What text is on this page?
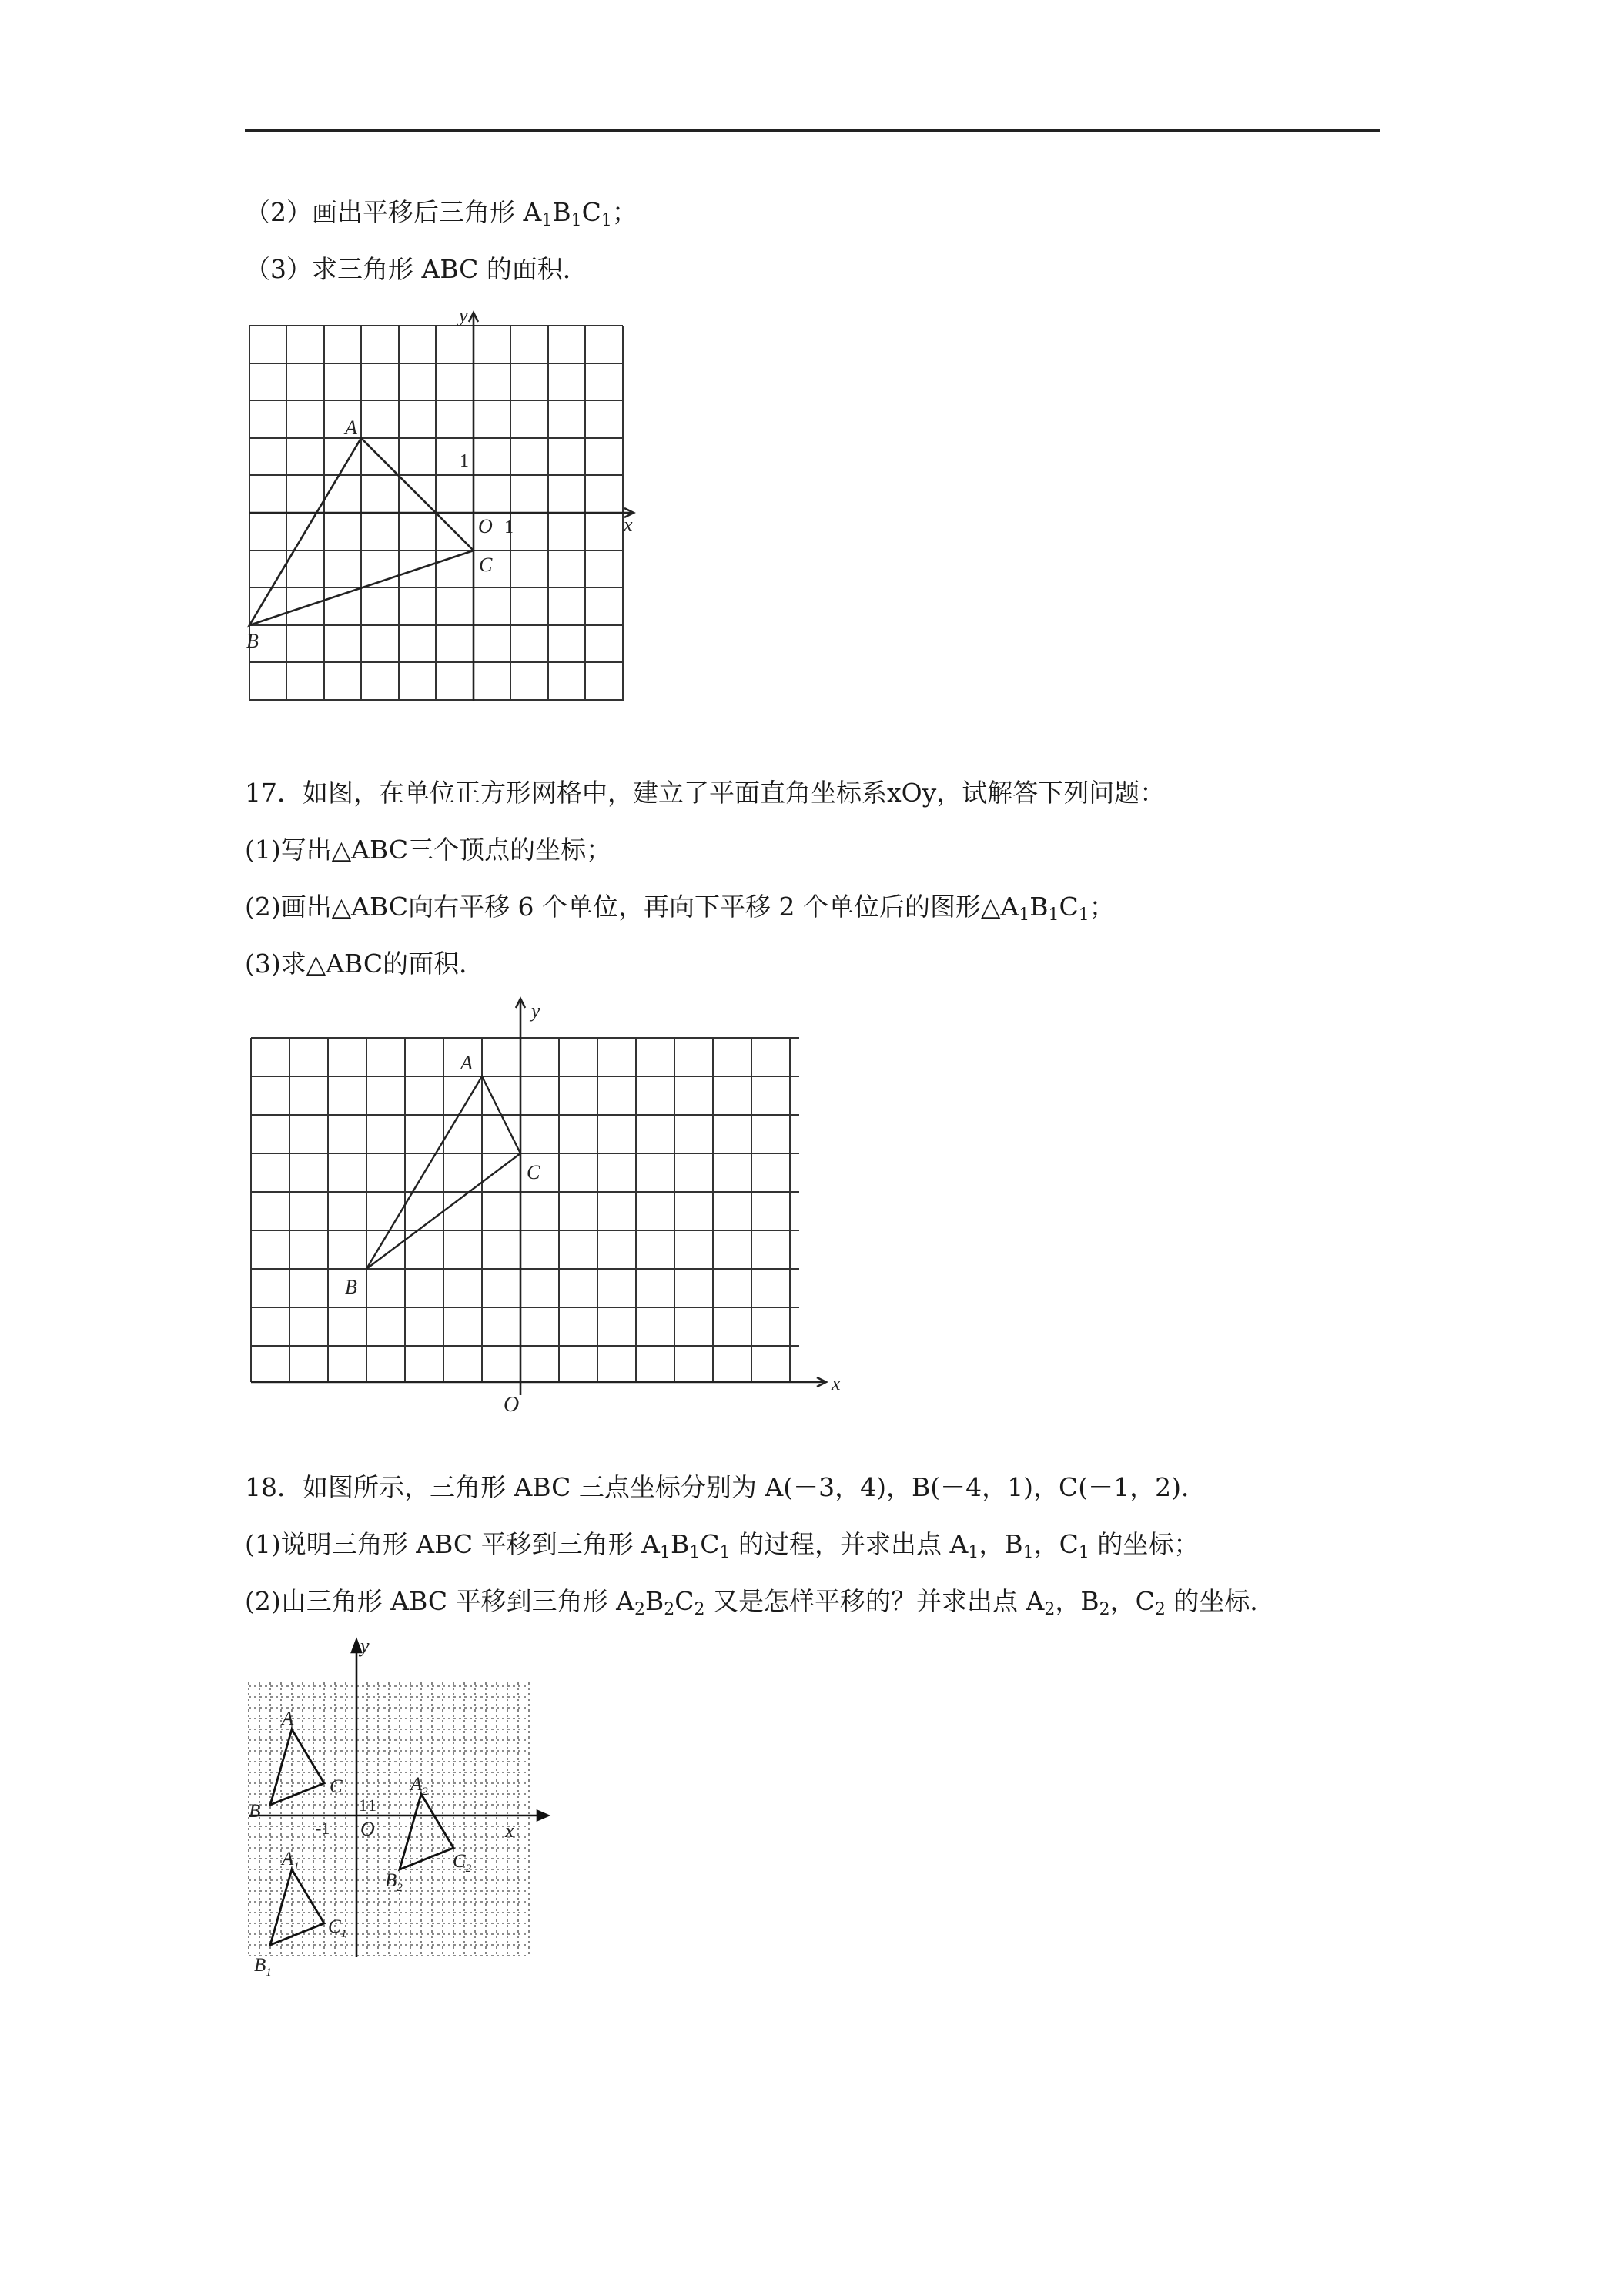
（2）画出平移后三角形 $A_1B_1C_1$；
（3）求三角形 ABC 的面积．
y
x
O 1
1
A
B
C
17．如图，在单位正方形网格中，建立了平面直角坐标系xOy，试解答下列问题：
(1)写出△ABC三个顶点的坐标；
(2)画出△ABC向右平移 6 个单位，再向下平移 2 个单位后的图形$\triangle A_1B_1C_1$；
(3)求△ABC的面积．
y
x
O
A
B
C
18．如图所示，三角形 ABC 三点坐标分别为 A(－3，4)，B(－4，1)，C(－1，2)．
(1)说明三角形 ABC 平移到三角形 $A_1B_1C_1$ 的过程，并求出点 $A_1$，$B_1$，$C_1$ 的坐标；
(2)由三角形 ABC 平移到三角形 $A_2B_2C_2$ 又是怎样平移的？并求出点 $A_2$，$B_2$，$C_2$ 的坐标．
y
x
O
1 1
-1
A
B
C
$A_1$
$B_1$
$C_1$
$A_2$
$B_2$
$C_2$
